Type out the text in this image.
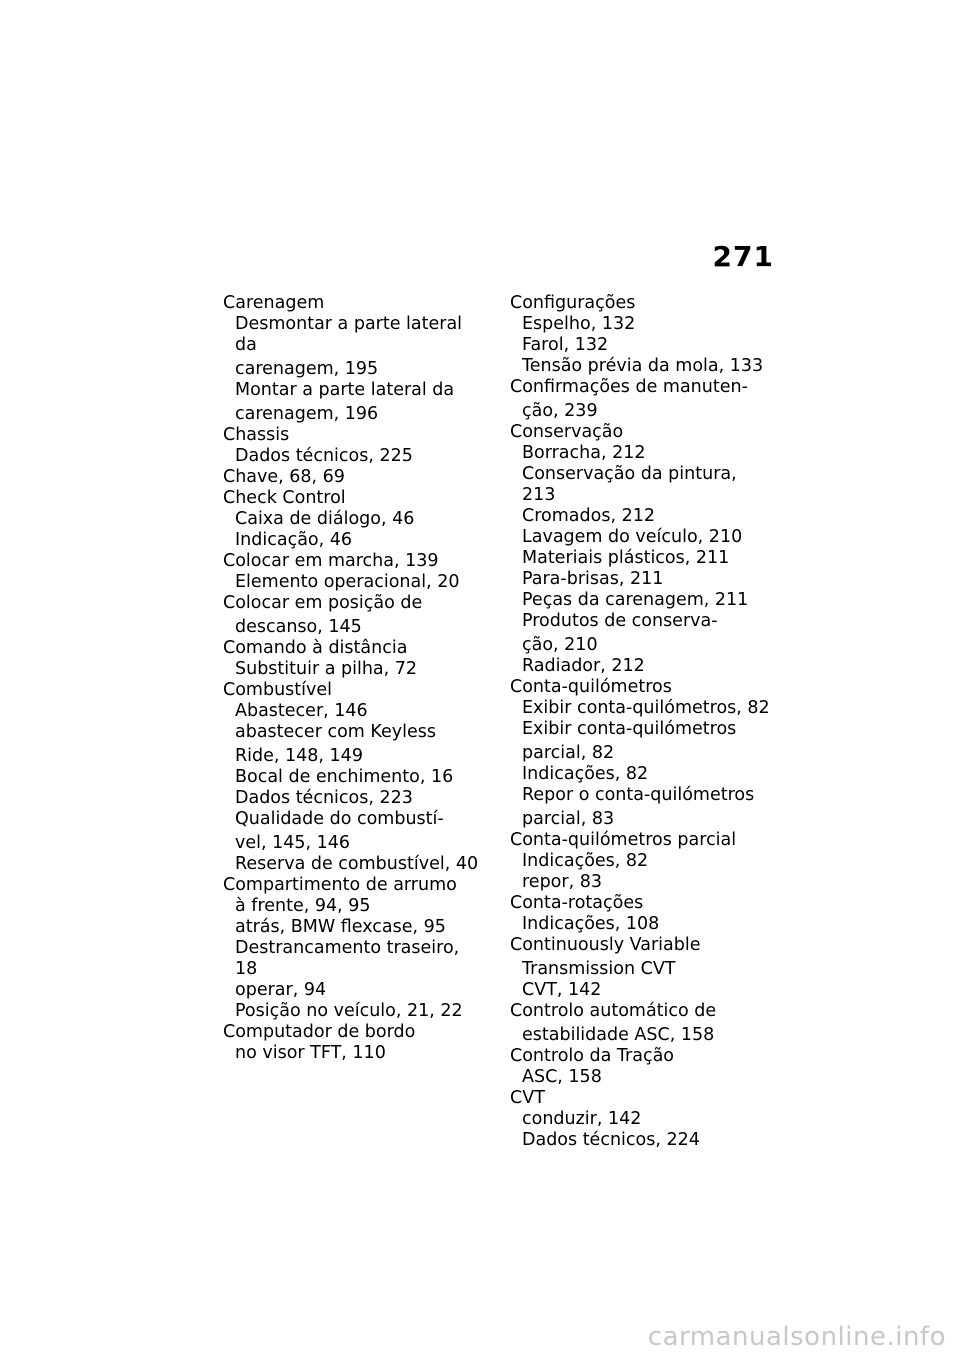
271
Carenagem
Desmontar a parte lateral da
carenagem, 195
Montar a parte lateral da
carenagem, 196
Chassis
Dados técnicos, 225
Chave, 68, 69
Check Control
Caixa de diálogo, 46
Indicação, 46
Colocar em marcha, 139
Elemento operacional, 20
Colocar em posição de
descanso, 145
Comando à distância
Substituir a pilha, 72
Combustível
Abastecer, 146
abastecer com Keyless
Ride, 148, 149
Bocal de enchimento, 16
Dados técnicos, 223
Qualidade do combustí-
vel, 145, 146
Reserva de combustível, 40
Compartimento de arrumo
à frente, 94, 95
atrás, BMW flexcase, 95
Destrancamento traseiro, 18
operar, 94
Posição no veículo, 21, 22
Computador de bordo
no visor TFT, 110
Configurações
Espelho, 132
Farol, 132
Tensão prévia da mola, 133
Confirmações de manuten-
ção, 239
Conservação
Borracha, 212
Conservação da pintura, 213
Cromados, 212
Lavagem do veículo, 210
Materiais plásticos, 211
Para-brisas, 211
Peças da carenagem, 211
Produtos de conserva-
ção, 210
Radiador, 212
Conta-quilómetros
Exibir conta-quilómetros, 82
Exibir conta-quilómetros
parcial, 82
Indicações, 82
Repor o conta-quilómetros
parcial, 83
Conta-quilómetros parcial
Indicações, 82
repor, 83
Conta-rotações
Indicações, 108
Continuously Variable
Transmission CVT
CVT, 142
Controlo automático de
estabilidade ASC, 158
Controlo da Tração
ASC, 158
CVT
conduzir, 142
Dados técnicos, 224
carmanualsonline.info
